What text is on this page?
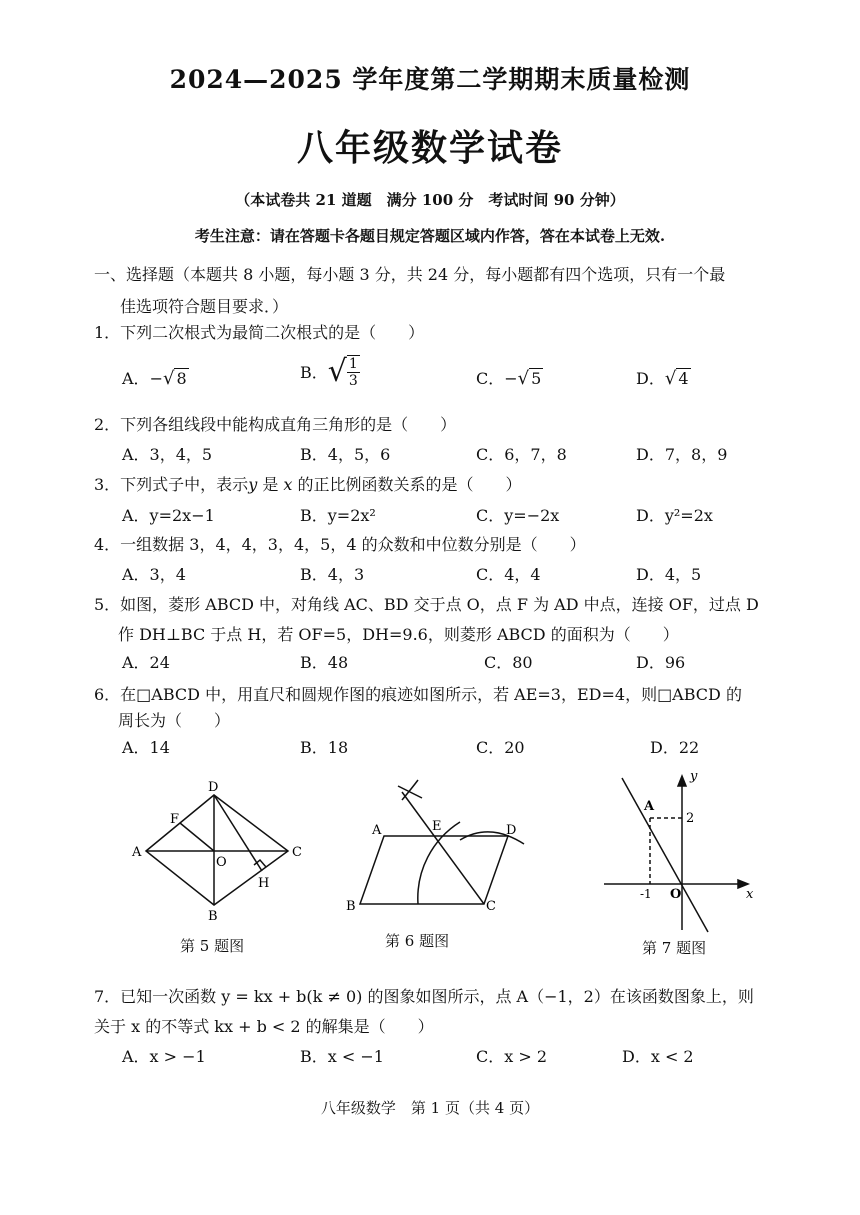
2024—2025 学年度第二学期期末质量检测
八年级数学试卷
（本试卷共 21 道题　满分 100 分　考试时间 90 分钟）
考生注意：请在答题卡各题目规定答题区域内作答，答在本试卷上无效.
一、选择题（本题共 8 小题，每小题 3 分，共 24 分，每小题都有四个选项，只有一个最
佳选项符合题目要求．）
1．下列二次根式为最简二次根式的是（　　）
A．−√ 8	B．√ $\frac{1}{3}$	C．−√ 5	D．√ 4
2．下列各组线段中能构成直角三角形的是（　　）
A．3，4，5	B．4，5，6	C．6，7，8	D．7，8，9
3．下列式子中，表示y 是 x 的正比例函数关系的是（　　）
A．y=2x−1	B．y=2x²	C．y=−2x	D．y²=2x
4．一组数据 3，4，4，3，4，5，4 的众数和中位数分别是（　　）
A．3，4	B．4，3	C．4，4	D．4，5
5．如图，菱形 ABCD 中，对角线 AC、BD 交于点 O，点 F 为 AD 中点，连接 OF，过点 D
作 DH⊥BC 于点 H，若 OF=5，DH=9.6，则菱形 ABCD 的面积为（　　）
A．24	B．48	C．80	D．96
6．在□ABCD 中，用直尺和圆规作图的痕迹如图所示，若 AE=3，ED=4，则□ABCD 的
周长为（　　）
A．14	B．18	C．20	D．22
D
F
A
O
C
H
B
第 5 题图
A	E	D
B	C
第 6 题图
y
x
A
2
-1 O
第 7 题图
7．已知一次函数 y = kx + b(k ≠ 0) 的图象如图所示，点 A（−1，2）在该函数图象上，则
关于 x 的不等式 kx + b < 2 的解集是（　　）
A．x > −1	B．x < −1	C．x > 2	D．x < 2
八年级数学　第 1 页（共 4 页）
